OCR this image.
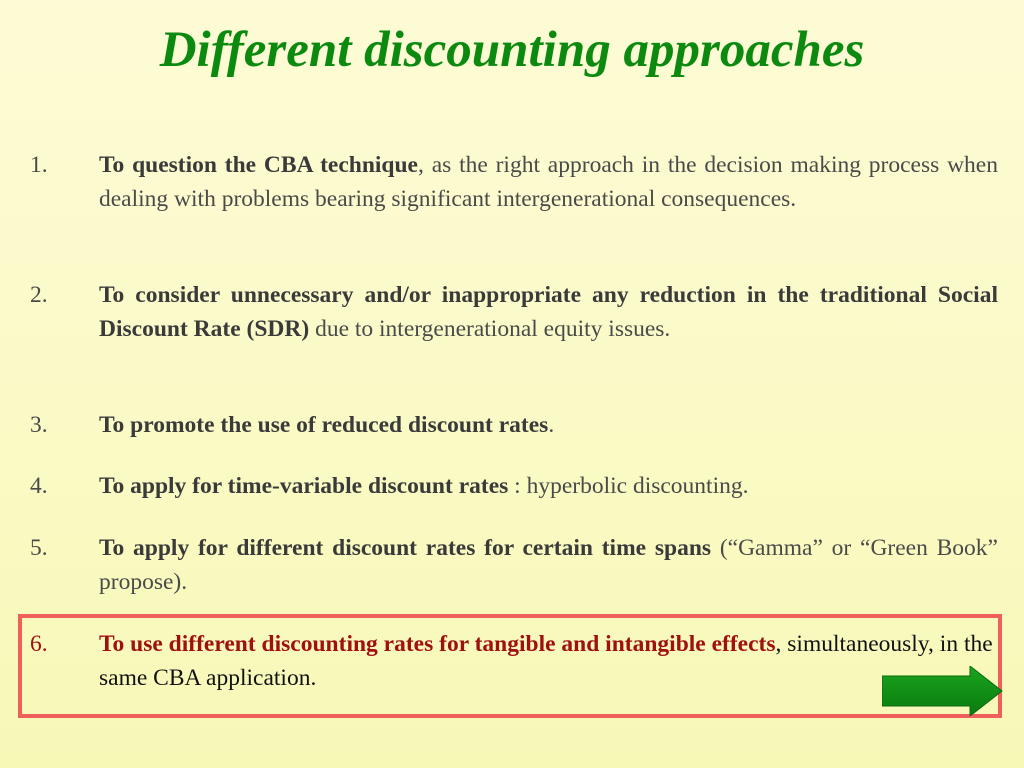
Different discounting approaches
1.	To question the CBA technique, as the right approach in the decision making process when dealing with problems bearing significant intergenerational consequences.
2.	To consider unnecessary and/or inappropriate any reduction in the traditional Social Discount Rate (SDR) due to intergenerational equity issues.
3.	To promote the use of reduced discount rates.
4.	To apply for time-variable discount rates : hyperbolic discounting.
5.	To apply for different discount rates for certain time spans (“Gamma” or “Green Book” propose).
6.	To use different discounting rates for tangible and intangible effects, simultaneously, in the same CBA application.
